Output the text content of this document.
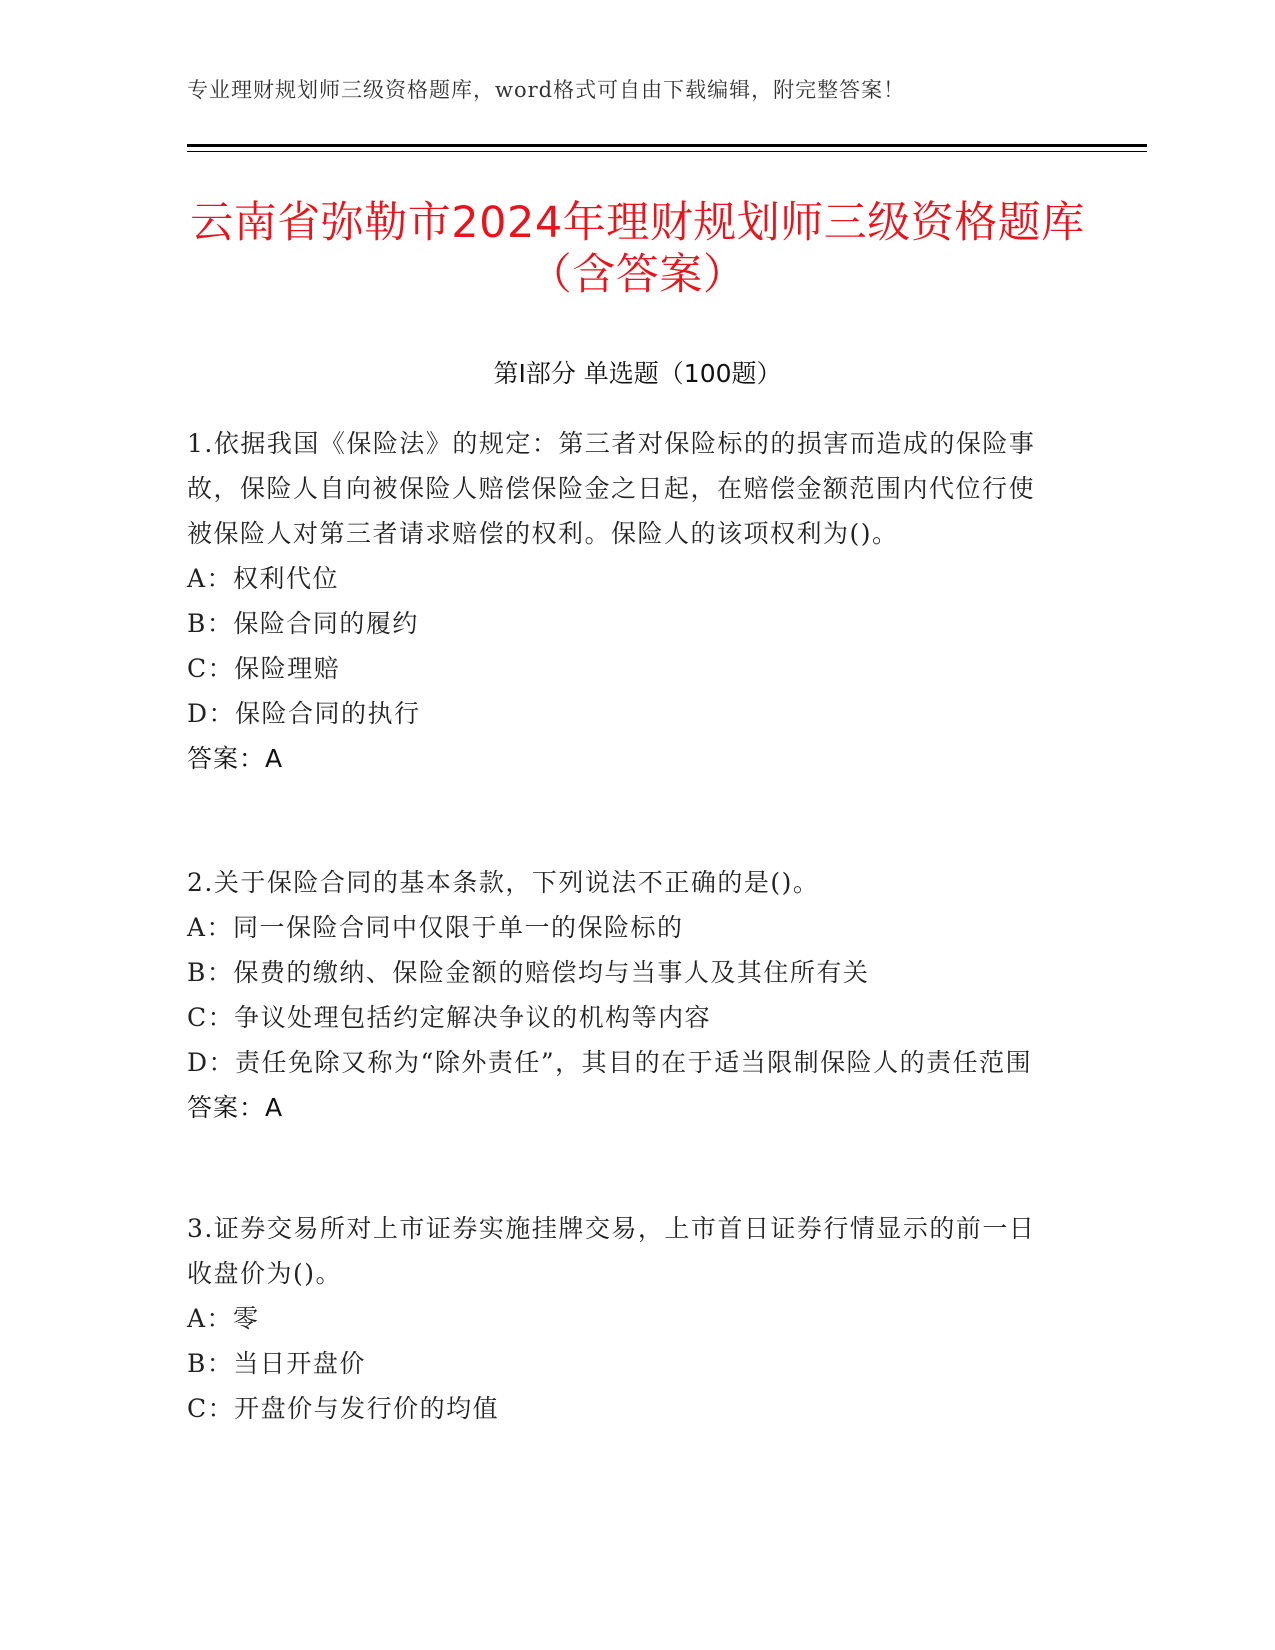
专业理财规划师三级资格题库，word格式可自由下载编辑，附完整答案！
云南省弥勒市2024年理财规划师三级资格题库（含答案）
第Ⅰ部分 单选题（100题）

1.依据我国《保险法》的规定：第三者对保险标的的损害而造成的保险事故，保险人自向被保险人赔偿保险金之日起，在赔偿金额范围内代位行使被保险人对第三者请求赔偿的权利。保险人的该项权利为()。

A：权利代位

B：保险合同的履约

C：保险理赔

D：保险合同的执行

答案：A

2.关于保险合同的基本条款，下列说法不正确的是()。

A：同一保险合同中仅限于单一的保险标的

B：保费的缴纳、保险金额的赔偿均与当事人及其住所有关

C：争议处理包括约定解决争议的机构等内容

D：责任免除又称为“除外责任”，其目的在于适当限制保险人的责任范围

答案：A

3.证券交易所对上市证券实施挂牌交易，上市首日证券行情显示的前一日收盘价为()。

A：零

B：当日开盘价

C：开盘价与发行价的均值
